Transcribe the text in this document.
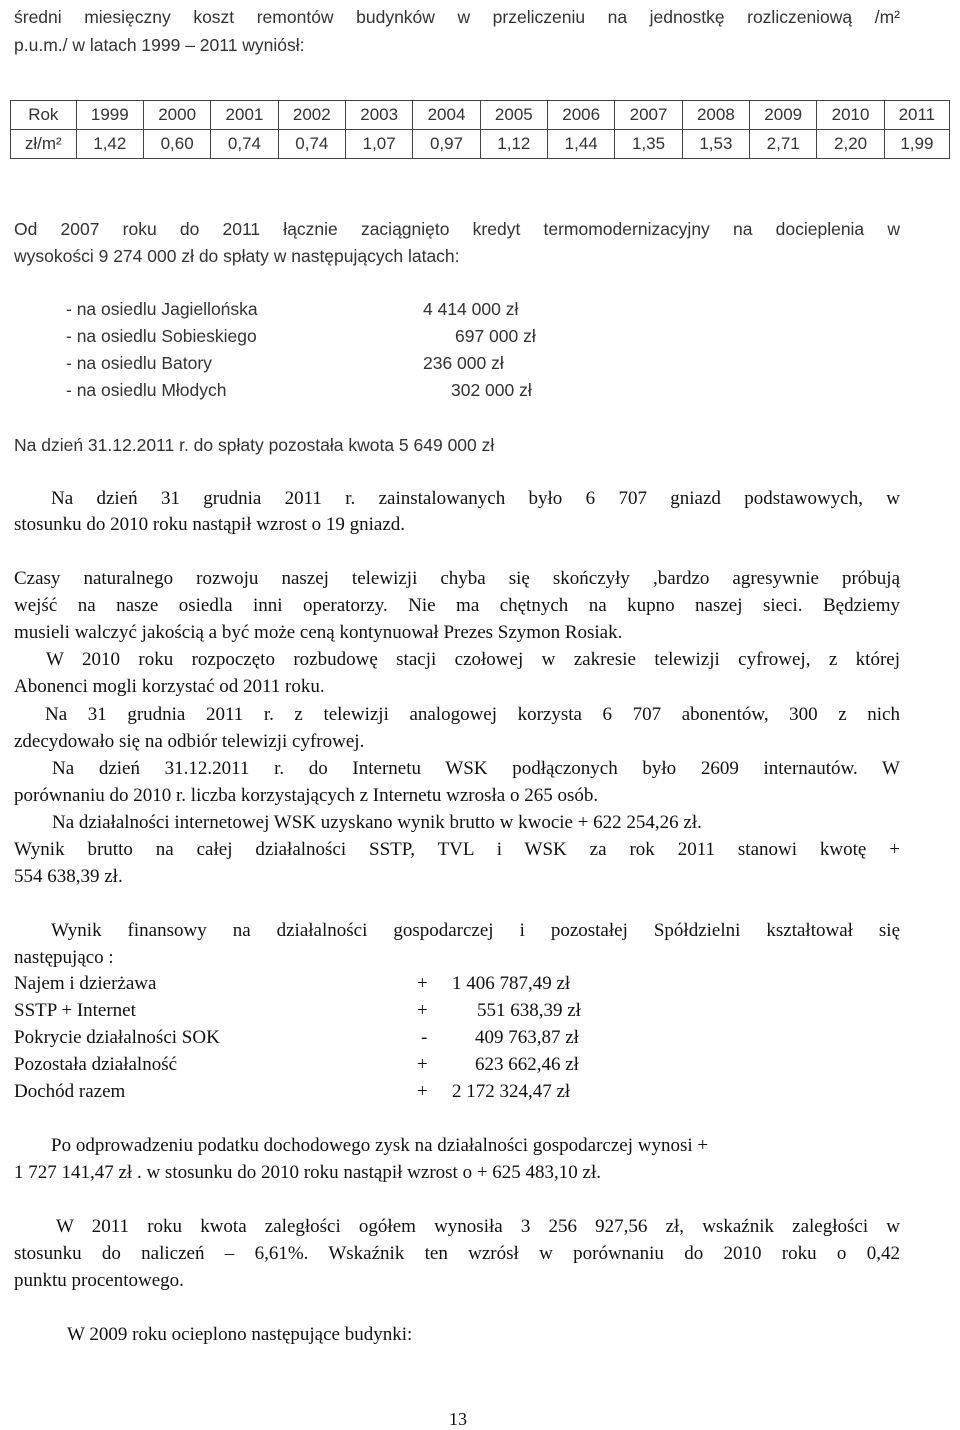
średni miesięczny koszt remontów budynków w przeliczeniu na jednostkę rozliczeniową /m²
p.u.m./ w latach 1999 – 2011 wyniósł:
Rok	1999	2000	2001	2002	2003	2004	2005	2006	2007	2008	2009	2010	2011
zł/m²	1,42	0,60	0,74	0,74	1,07	0,97	1,12	1,44	1,35	1,53	2,71	2,20	1,99
Od 2007 roku do 2011 łącznie zaciągnięto kredyt termomodernizacyjny na docieplenia w
wysokości 9 274 000 zł do spłaty w następujących latach:
- na osiedlu Jagiellońska	4 414 000 zł
- na osiedlu Sobieskiego	697 000 zł
- na osiedlu Batory	236 000 zł
- na osiedlu Młodych	302 000 zł
Na dzień 31.12.2011 r. do spłaty pozostała kwota 5 649 000 zł
Na dzień 31 grudnia 2011 r. zainstalowanych było 6 707 gniazd podstawowych, w
stosunku do 2010 roku nastąpił wzrost o 19 gniazd.
Czasy naturalnego rozwoju naszej telewizji chyba się skończyły ,bardzo agresywnie próbują
wejść na nasze osiedla inni operatorzy. Nie ma chętnych na kupno naszej sieci. Będziemy
musieli walczyć jakością a być może ceną kontynuował Prezes Szymon Rosiak.
W 2010 roku rozpoczęto rozbudowę stacji czołowej w zakresie telewizji cyfrowej, z której
Abonenci mogli korzystać od 2011 roku.
Na 31 grudnia 2011 r. z telewizji analogowej korzysta 6 707 abonentów, 300 z nich
zdecydowało się na odbiór telewizji cyfrowej.
Na dzień 31.12.2011 r. do Internetu WSK podłączonych było 2609 internautów. W
porównaniu do 2010 r. liczba korzystających z Internetu wzrosła o 265 osób.
Na działalności internetowej WSK uzyskano wynik brutto w kwocie + 622 254,26 zł.
Wynik brutto na całej działalności SSTP, TVL i WSK za rok 2011 stanowi kwotę +
554 638,39 zł.
Wynik finansowy na działalności gospodarczej i pozostałej Spółdzielni kształtował się
następująco :
Najem i dzierżawa	+ 1 406 787,49 zł
SSTP + Internet	+	551 638,39 zł
Pokrycie działalności SOK	-	409 763,87 zł
Pozostała działalność	+ 623 662,46 zł
Dochód razem	+ 2 172 324,47 zł
Po odprowadzeniu podatku dochodowego zysk na działalności gospodarczej wynosi +
1 727 141,47 zł . w stosunku do 2010 roku nastąpił wzrost o + 625 483,10 zł.
W 2011 roku kwota zaległości ogółem wynosiła 3 256 927,56 zł, wskaźnik zaległości w
stosunku do naliczeń – 6,61%. Wskaźnik ten wzrósł w porównaniu do 2010 roku o 0,42
punktu procentowego.
W 2009 roku ocieplono następujące budynki:
13
